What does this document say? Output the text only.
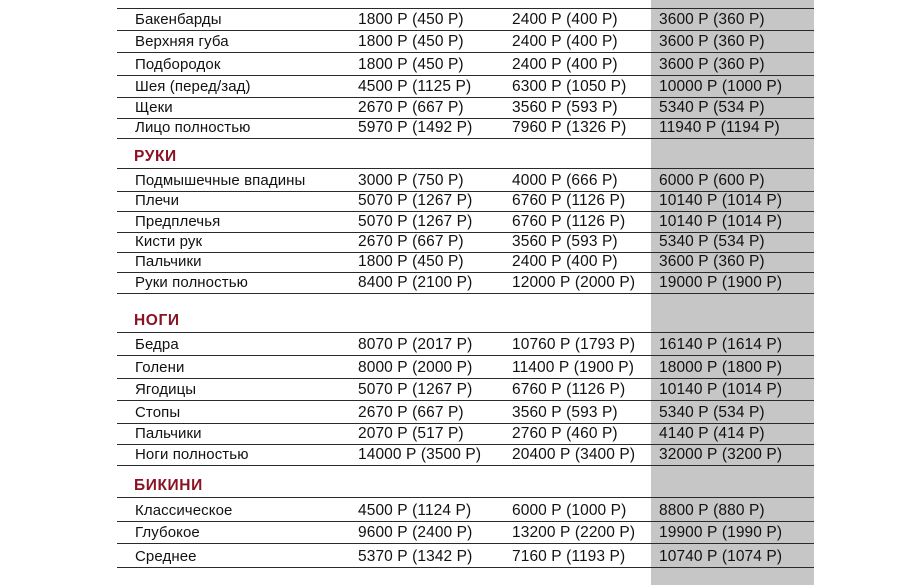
Бакенбарды	1800 Р (450 Р)	2400 Р (400 Р)	3600 Р (360 Р)
Верхняя губа	1800 Р (450 Р)	2400 Р (400 Р)	3600 Р (360 Р)
Подбородок	1800 Р (450 Р)	2400 Р (400 Р)	3600 Р (360 Р)
Шея (перед/зад)	4500 Р (1125 Р)	6300 Р (1050 Р) 10000 Р (1000 Р)
Щеки	2670 Р (667 Р)	3560 Р (593 Р)	5340 Р (534 Р)
Лицо полностью	5970 Р (1492 Р)	7960 Р (1326 Р) 11940 Р (1194 Р)
РУКИ
Подмышечные впадины	3000 Р (750 Р)	4000 Р (666 Р)	6000 Р (600 Р)
Плечи	5070 Р (1267 Р)	6760 Р (1126 Р) 10140 Р (1014 Р)
Предплечья	5070 Р (1267 Р)	6760 Р (1126 Р) 10140 Р (1014 Р)
Кисти рук	2670 Р (667 Р)	3560 Р (593 Р)	5340 Р (534 Р)
Пальчики	1800 Р (450 Р)	2400 Р (400 Р)	3600 Р (360 Р)
Руки полностью	8400 Р (2100 Р)	12000 Р (2000 Р) 19000 Р (1900 Р)
НОГИ
Бедра	8070 Р (2017 Р)	10760 Р (1793 Р) 16140 Р (1614 Р)
Голени	8000 Р (2000 Р)	11400 Р (1900 Р) 18000 Р (1800 Р)
Ягодицы	5070 Р (1267 Р)	6760 Р (1126 Р) 10140 Р (1014 Р)
Стопы	2670 Р (667 Р)	3560 Р (593 Р)	5340 Р (534 Р)
Пальчики	2070 Р (517 Р)	2760 Р (460 Р)	4140 Р (414 Р)
Ноги полностью	14000 Р (3500 Р) 20400 Р (3400 Р) 32000 Р (3200 Р)
БИКИНИ
Классическое	4500 Р (1124 Р)	6000 Р (1000 Р) 8800 Р (880 Р)
Глубокое	9600 Р (2400 Р)	13200 Р (2200 Р) 19900 Р (1990 Р)
Среднее	5370 Р (1342 Р)	7160 Р (1193 Р) 10740 Р (1074 Р)
